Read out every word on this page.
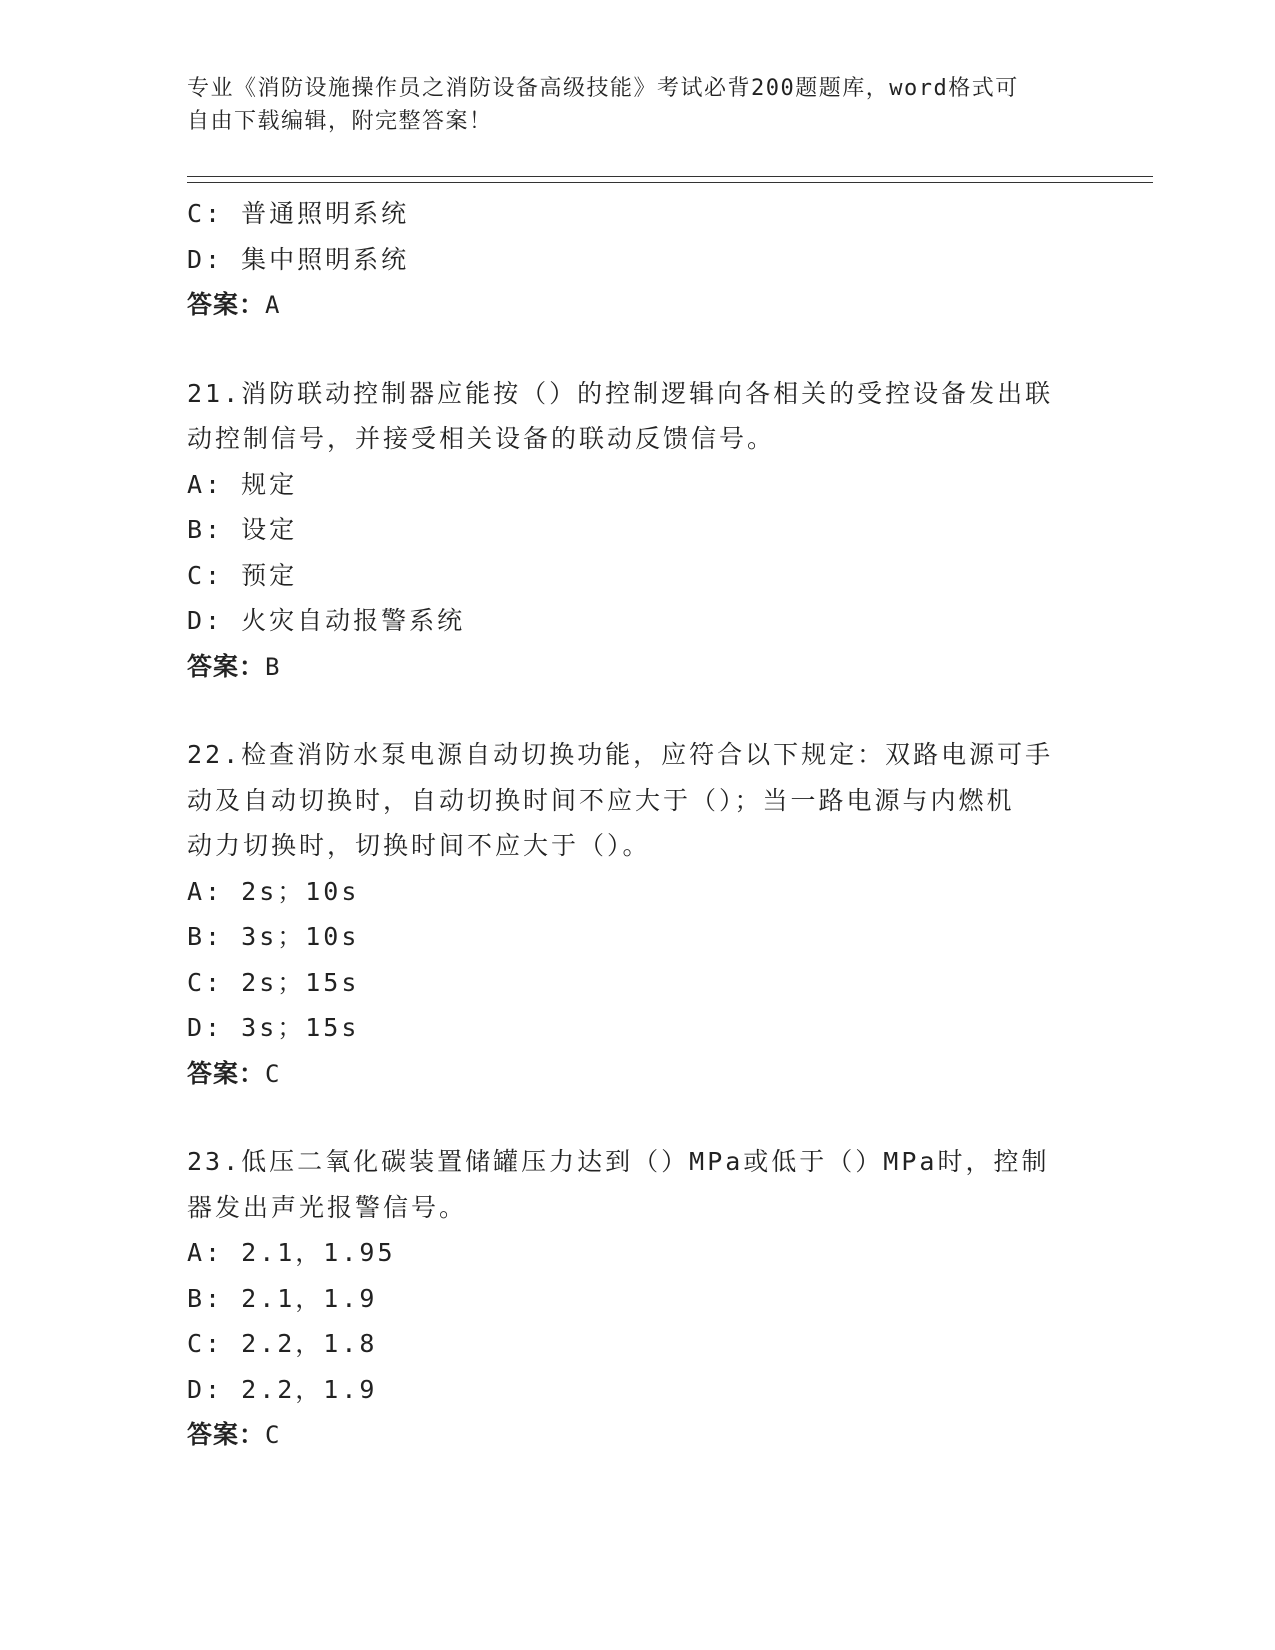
专业《消防设施操作员之消防设备高级技能》考试必背200题题库，word格式可
自由下载编辑，附完整答案！
C: 普通照明系统
D: 集中照明系统
答案：A
21.消防联动控制器应能按（）的控制逻辑向各相关的受控设备发出联
动控制信号，并接受相关设备的联动反馈信号。
A: 规定
B: 设定
C: 预定
D: 火灾自动报警系统
答案：B
22.检查消防水泵电源自动切换功能，应符合以下规定：双路电源可手
动及自动切换时，自动切换时间不应大于（）；当一路电源与内燃机
动力切换时，切换时间不应大于（）。
A: 2s；10s
B: 3s；10s
C: 2s；15s
D: 3s；15s
答案：C
23.低压二氧化碳装置储罐压力达到（）MPa或低于（）MPa时，控制
器发出声光报警信号。
A: 2.1，1.95
B: 2.1，1.9
C: 2.2，1.8
D: 2.2，1.9
答案：C
